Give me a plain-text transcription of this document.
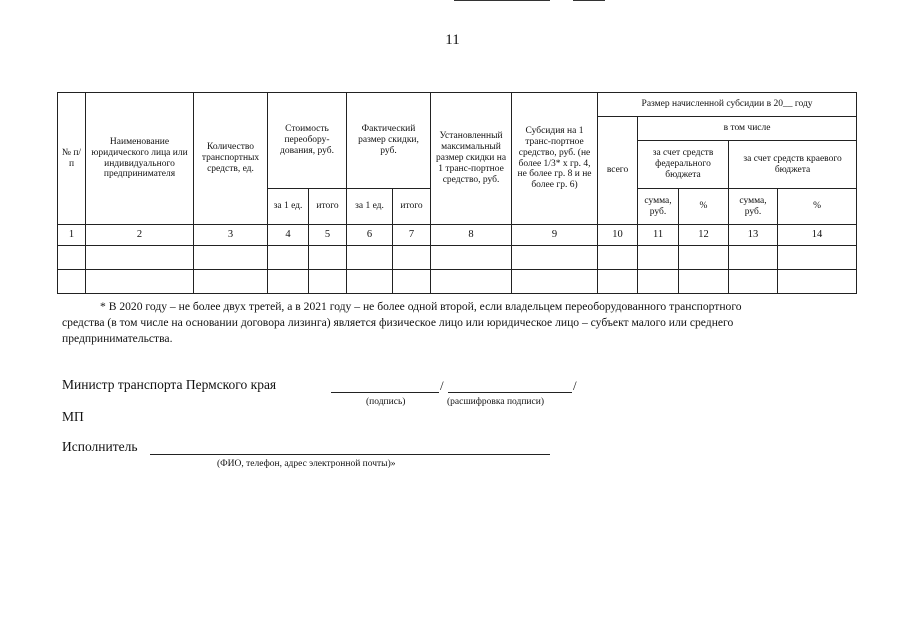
11
№ п/п	Наименование юридического лица или индивидуального предпринимателя	Количество транспортных средств, ед.	Стоимость переобору-дования, руб.		Фактический размер скидки, руб.		Установленный максимальный размер скидки на 1 транс-портное средство, руб.	Субсидия на 1 транс-портное средство, руб. (не более 1/3* х гр. 4, не более гр. 8 и не более гр. 6)	Размер начисленной субсидии в 20__ году				
									всего	в том числе			
										за счет средств федерального бюджета		за счет средств краевого бюджета	
			за 1 ед.	итого	за 1 ед.	итого				сумма, руб.	%	сумма, руб.	%
1	2	3	4	5	6	7	8	9	10	11	12	13	14

* В 2020 году – не более двух третей, а в 2021 году – не более одной второй, если владельцем переоборудованного транспортного
средства (в том числе на основании договора лизинга) является физическое лицо или юридическое лицо – субъект малого или среднего
предпринимательства.
Министр транспорта Пермского края	/	/
(подпись)	(расшифровка подписи)
МП
Исполнитель
(ФИО, телефон, адрес электронной почты)»
